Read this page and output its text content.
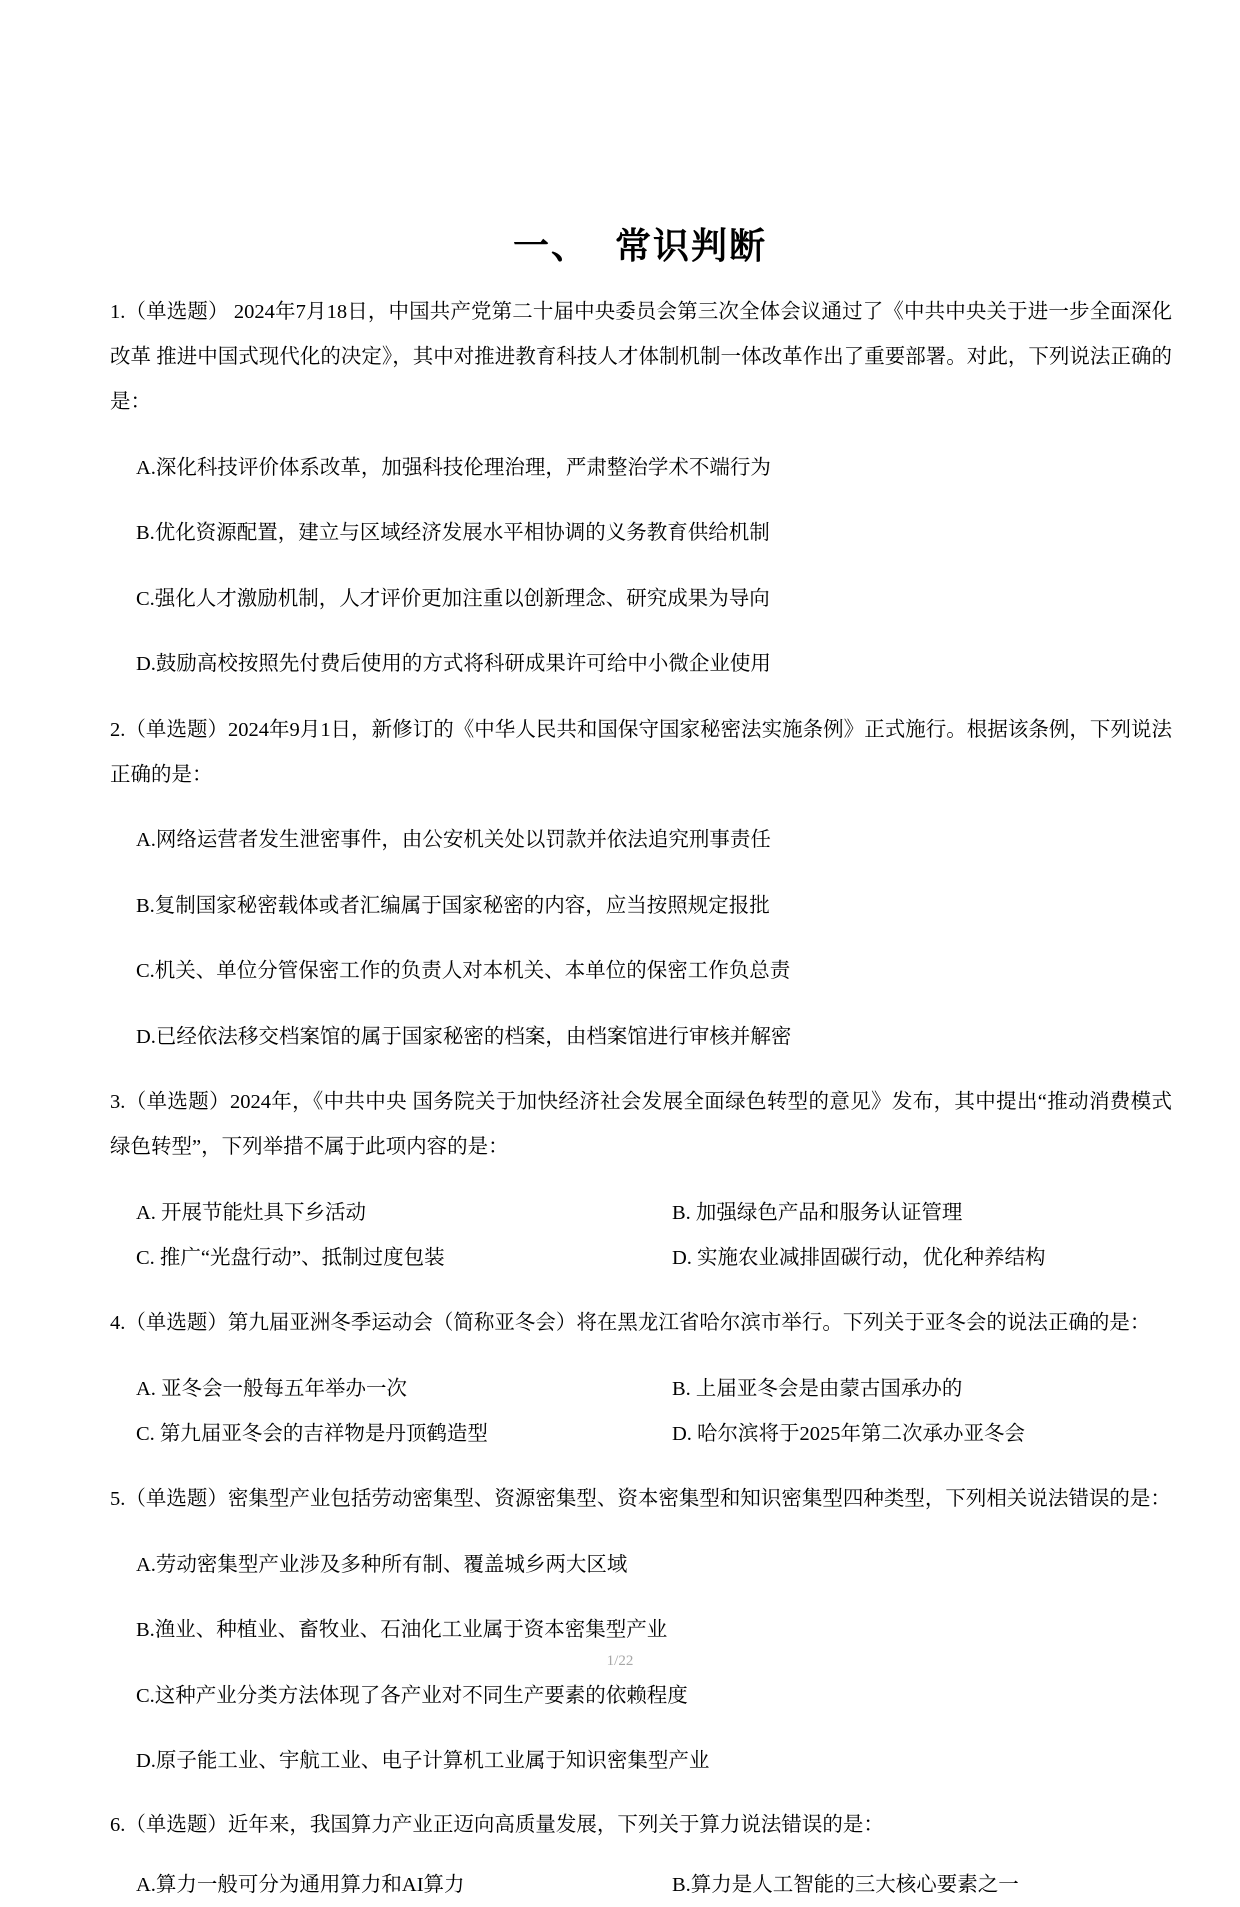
一、 常识判断

1.（单选题） 2024年7月18日，中国共产党第二十届中央委员会第三次全体会议通过了《中共中央关于进一步全面深化改革 推进中国式现代化的决定》，其中对推进教育科技人才体制机制一体改革作出了重要部署。对此，下列说法正确的是：

A.深化科技评价体系改革，加强科技伦理治理，严肃整治学术不端行为

B.优化资源配置，建立与区域经济发展水平相协调的义务教育供给机制

C.强化人才激励机制，人才评价更加注重以创新理念、研究成果为导向

D.鼓励高校按照先付费后使用的方式将科研成果许可给中小微企业使用

2.（单选题）2024年9月1日，新修订的《中华人民共和国保守国家秘密法实施条例》正式施行。根据该条例，下列说法正确的是：

A.网络运营者发生泄密事件，由公安机关处以罚款并依法追究刑事责任

B.复制国家秘密载体或者汇编属于国家秘密的内容，应当按照规定报批

C.机关、单位分管保密工作的负责人对本机关、本单位的保密工作负总责

D.已经依法移交档案馆的属于国家秘密的档案，由档案馆进行审核并解密

3.（单选题）2024年，《中共中央 国务院关于加快经济社会发展全面绿色转型的意见》发布，其中提出“推动消费模式绿色转型”，下列举措不属于此项内容的是：

A. 开展节能灶具下乡活动	B. 加强绿色产品和服务认证管理
C. 推广“光盘行动”、抵制过度包装	D. 实施农业减排固碳行动，优化种养结构

4.（单选题）第九届亚洲冬季运动会（简称亚冬会）将在黑龙江省哈尔滨市举行。下列关于亚冬会的说法正确的是：

A. 亚冬会一般每五年举办一次	B. 上届亚冬会是由蒙古国承办的
C. 第九届亚冬会的吉祥物是丹顶鹤造型	D. 哈尔滨将于2025年第二次承办亚冬会

5.（单选题）密集型产业包括劳动密集型、资源密集型、资本密集型和知识密集型四种类型，下列相关说法错误的是：

A.劳动密集型产业涉及多种所有制、覆盖城乡两大区域

B.渔业、种植业、畜牧业、石油化工业属于资本密集型产业

C.这种产业分类方法体现了各产业对不同生产要素的依赖程度

D.原子能工业、宇航工业、电子计算机工业属于知识密集型产业

6.（单选题）近年来，我国算力产业正迈向高质量发展，下列关于算力说法错误的是：

A.算力一般可分为通用算力和AI算力	B.算力是人工智能的三大核心要素之一
1/22
